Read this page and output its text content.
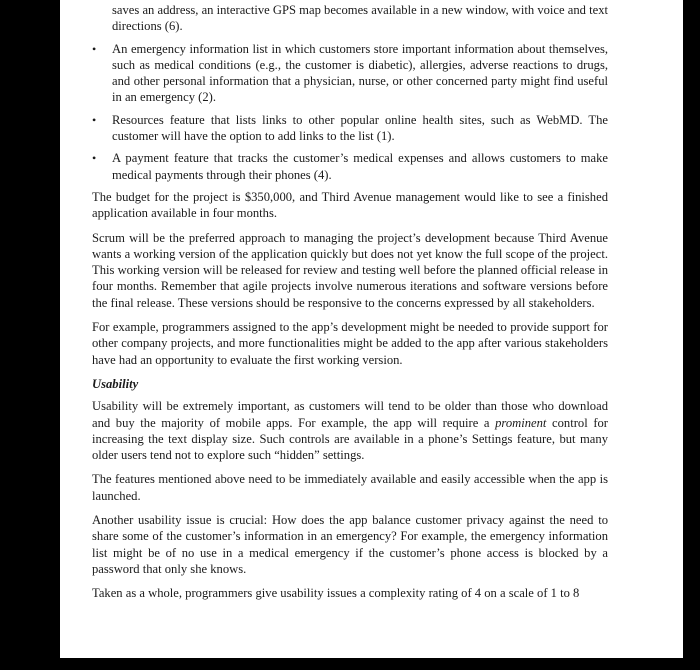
saves an address, an interactive GPS map becomes available in a new window, with voice and text directions (6).
• An emergency information list in which customers store important information about themselves, such as medical conditions (e.g., the customer is diabetic), allergies, adverse reactions to drugs, and other personal information that a physician, nurse, or other concerned party might find useful in an emergency (2).
• Resources feature that lists links to other popular online health sites, such as WebMD. The customer will have the option to add links to the list (1).
• A payment feature that tracks the customer’s medical expenses and allows customers to make medical payments through their phones (4).

The budget for the project is $350,000, and Third Avenue management would like to see a finished application available in four months.

Scrum will be the preferred approach to managing the project’s development because Third Avenue wants a working version of the application quickly but does not yet know the full scope of the project. This working version will be released for review and testing well before the planned official release in four months. Remember that agile projects involve numerous iterations and software versions before the final release. These versions should be responsive to the concerns expressed by all stakeholders.

For example, programmers assigned to the app’s development might be needed to provide support for other company projects, and more functionalities might be added to the app after various stakeholders have had an opportunity to evaluate the first working version.

Usability

Usability will be extremely important, as customers will tend to be older than those who download and buy the majority of mobile apps. For example, the app will require a prominent control for increasing the text display size. Such controls are available in a phone’s Settings feature, but many older users tend not to explore such “hidden” settings.

The features mentioned above need to be immediately available and easily accessible when the app is launched.

Another usability issue is crucial: How does the app balance customer privacy against the need to share some of the customer’s information in an emergency? For example, the emergency information list might be of no use in a medical emergency if the customer’s phone access is blocked by a password that only she knows.

Taken as a whole, programmers give usability issues a complexity rating of 4 on a scale of 1 to 8
